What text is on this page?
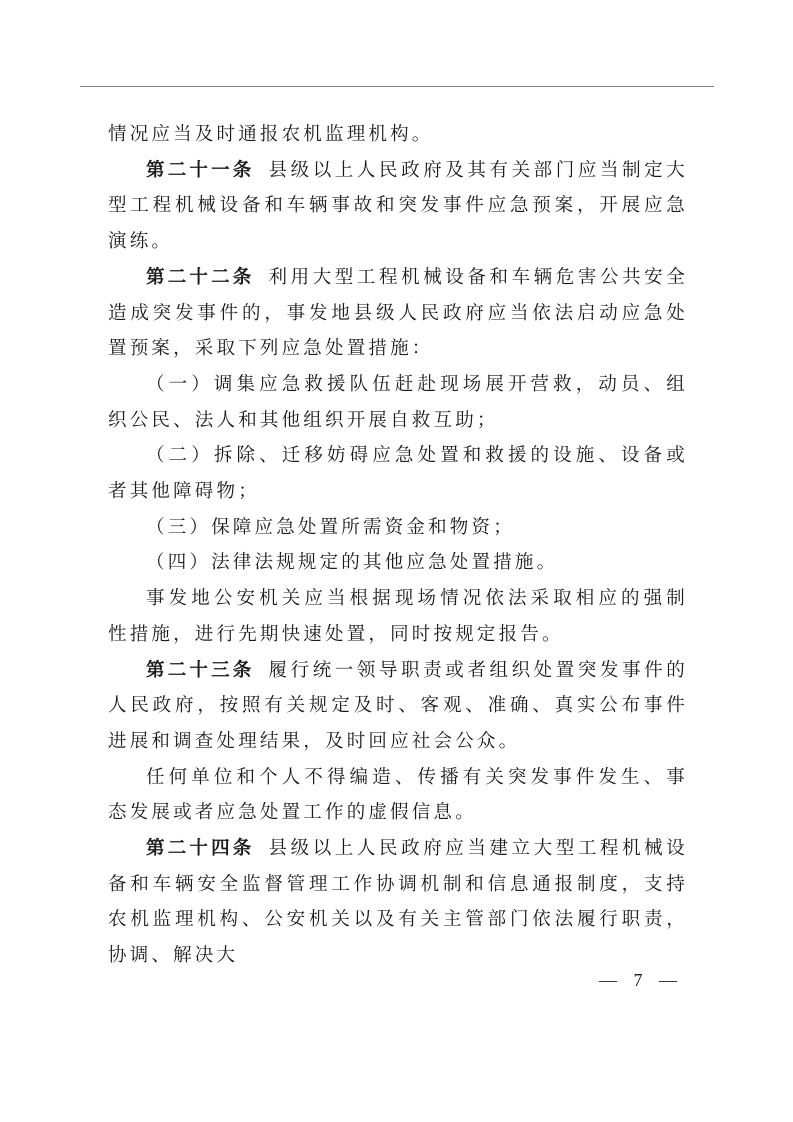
情况应当及时通报农机监理机构。

第二十一条 县级以上人民政府及其有关部门应当制定大型工程机械设备和车辆事故和突发事件应急预案，开展应急演练。

第二十二条 利用大型工程机械设备和车辆危害公共安全造成突发事件的，事发地县级人民政府应当依法启动应急处置预案，采取下列应急处置措施：

（一）调集应急救援队伍赶赴现场展开营救，动员、组织公民、法人和其他组织开展自救互助；

（二）拆除、迁移妨碍应急处置和救援的设施、设备或者其他障碍物；

（三）保障应急处置所需资金和物资；

（四）法律法规规定的其他应急处置措施。

事发地公安机关应当根据现场情况依法采取相应的强制性措施，进行先期快速处置，同时按规定报告。

第二十三条 履行统一领导职责或者组织处置突发事件的人民政府，按照有关规定及时、客观、准确、真实公布事件进展和调查处理结果，及时回应社会公众。

任何单位和个人不得编造、传播有关突发事件发生、事态发展或者应急处置工作的虚假信息。

第二十四条 县级以上人民政府应当建立大型工程机械设备和车辆安全监督管理工作协调机制和信息通报制度，支持农机监理机构、公安机关以及有关主管部门依法履行职责，协调、解决大

— 7 —
